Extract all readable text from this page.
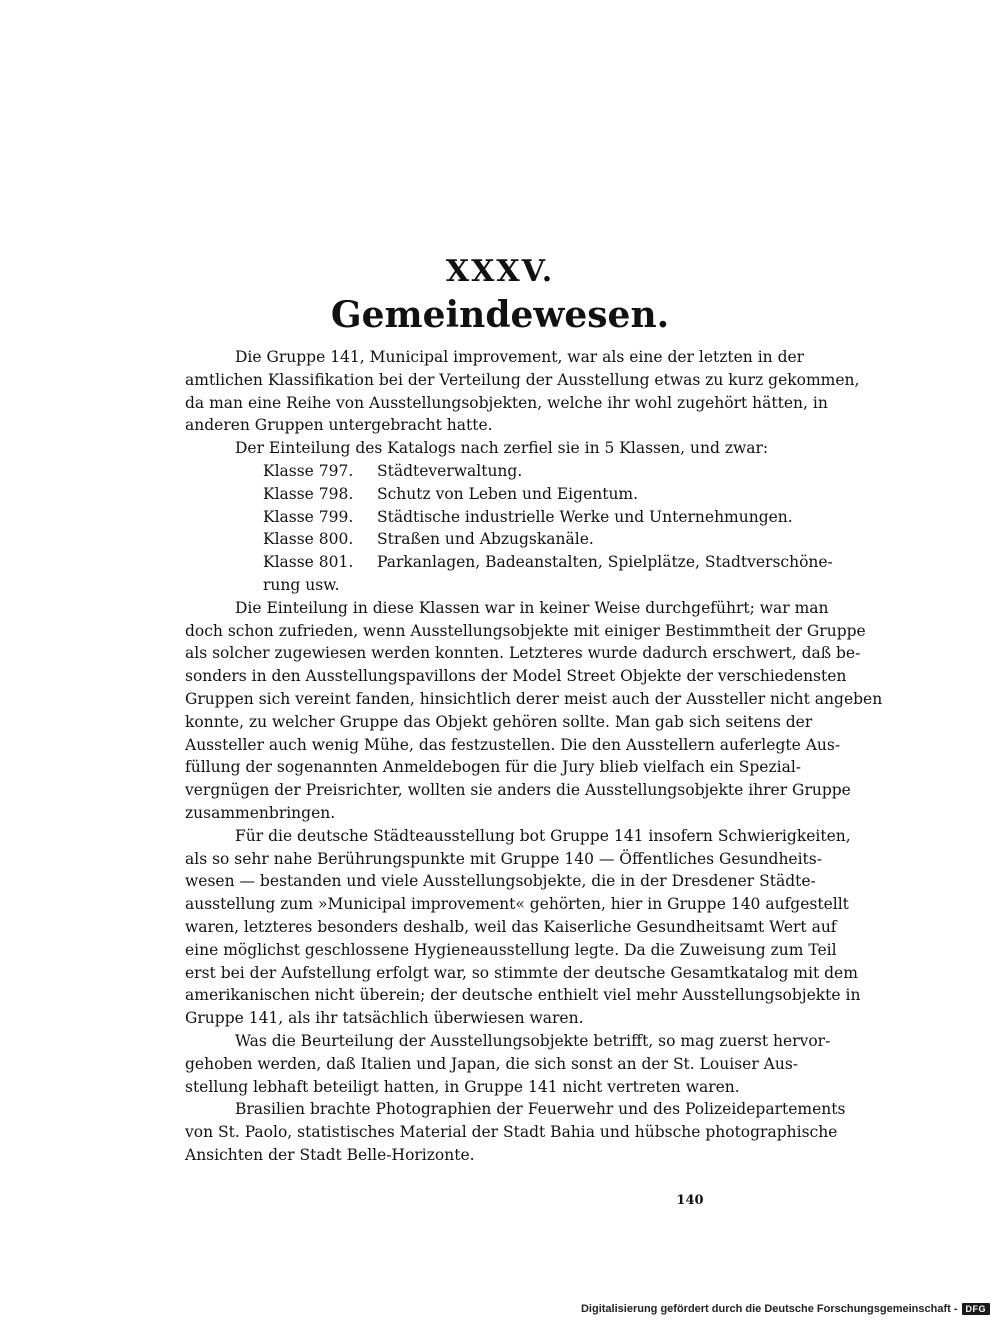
XXXV.
Gemeindewesen.
Die Gruppe 141, Municipal improvement, war als eine der letzten in der
amtlichen Klassifikation bei der Verteilung der Ausstellung etwas zu kurz gekommen,
da man eine Reihe von Ausstellungsobjekten, welche ihr wohl zugehört hätten, in
anderen Gruppen untergebracht hatte.
Der Einteilung des Katalogs nach zerfiel sie in 5 Klassen, und zwar:
Klasse 797. Städteverwaltung.
Klasse 798. Schutz von Leben und Eigentum.
Klasse 799. Städtische industrielle Werke und Unternehmungen.
Klasse 800. Straßen und Abzugskanäle.
Klasse 801. Parkanlagen, Badeanstalten, Spielplätze, Stadtverschöne-
rung usw.
Die Einteilung in diese Klassen war in keiner Weise durchgeführt; war man
doch schon zufrieden, wenn Ausstellungsobjekte mit einiger Bestimmtheit der Gruppe
als solcher zugewiesen werden konnten. Letzteres wurde dadurch erschwert, daß be-
sonders in den Ausstellungspavillons der Model Street Objekte der verschiedensten
Gruppen sich vereint fanden, hinsichtlich derer meist auch der Aussteller nicht angeben
konnte, zu welcher Gruppe das Objekt gehören sollte. Man gab sich seitens der
Aussteller auch wenig Mühe, das festzustellen. Die den Ausstellern auferlegte Aus-
füllung der sogenannten Anmeldebogen für die Jury blieb vielfach ein Spezial-
vergnügen der Preisrichter, wollten sie anders die Ausstellungsobjekte ihrer Gruppe
zusammenbringen.
Für die deutsche Städteausstellung bot Gruppe 141 insofern Schwierigkeiten,
als so sehr nahe Berührungspunkte mit Gruppe 140 — Öffentliches Gesundheits-
wesen — bestanden und viele Ausstellungsobjekte, die in der Dresdener Städte-
ausstellung zum »Municipal improvement« gehörten, hier in Gruppe 140 aufgestellt
waren, letzteres besonders deshalb, weil das Kaiserliche Gesundheitsamt Wert auf
eine möglichst geschlossene Hygieneausstellung legte. Da die Zuweisung zum Teil
erst bei der Aufstellung erfolgt war, so stimmte der deutsche Gesamtkatalog mit dem
amerikanischen nicht überein; der deutsche enthielt viel mehr Ausstellungsobjekte in
Gruppe 141, als ihr tatsächlich überwiesen waren.
Was die Beurteilung der Ausstellungsobjekte betrifft, so mag zuerst hervor-
gehoben werden, daß Italien und Japan, die sich sonst an der St. Louiser Aus-
stellung lebhaft beteiligt hatten, in Gruppe 141 nicht vertreten waren.
Brasilien brachte Photographien der Feuerwehr und des Polizeidepartements
von St. Paolo, statistisches Material der Stadt Bahia und hübsche photographische
Ansichten der Stadt Belle-Horizonte.
140
Digitalisierung gefördert durch die Deutsche Forschungsgemeinschaft - DFG
